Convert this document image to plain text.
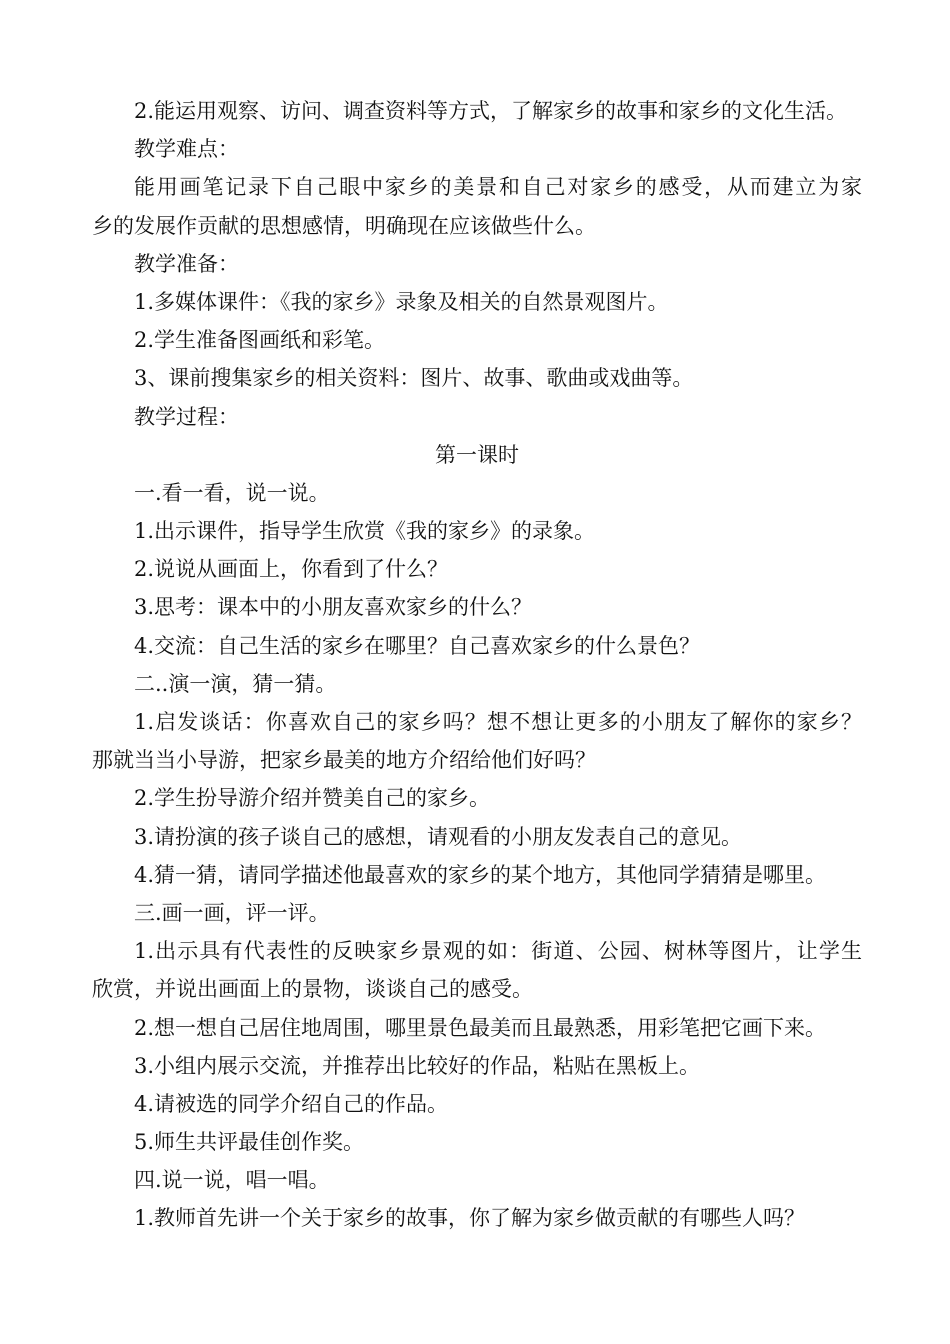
2.能运用观察、访问、调查资料等方式，了解家乡的故事和家乡的文化生活。
教学难点：
能用画笔记录下自己眼中家乡的美景和自己对家乡的感受，从而建立为家
乡的发展作贡献的思想感情，明确现在应该做些什么。
教学准备：
1.多媒体课件：《我的家乡》录象及相关的自然景观图片。
2.学生准备图画纸和彩笔。
3、课前搜集家乡的相关资料：图片、故事、歌曲或戏曲等。
教学过程：
第一课时
一.看一看，说一说。
1.出示课件，指导学生欣赏《我的家乡》的录象。
2.说说从画面上，你看到了什么？
3.思考：课本中的小朋友喜欢家乡的什么？
4.交流：自己生活的家乡在哪里？自己喜欢家乡的什么景色？
二..演一演，猜一猜。
1.启发谈话：你喜欢自己的家乡吗？想不想让更多的小朋友了解你的家乡？
那就当当小导游，把家乡最美的地方介绍给他们好吗？
2.学生扮导游介绍并赞美自己的家乡。
3.请扮演的孩子谈自己的感想，请观看的小朋友发表自己的意见。
4.猜一猜，请同学描述他最喜欢的家乡的某个地方，其他同学猜猜是哪里。
三.画一画，评一评。
1.出示具有代表性的反映家乡景观的如：街道、公园、树林等图片，让学生
欣赏，并说出画面上的景物，谈谈自己的感受。
2.想一想自己居住地周围，哪里景色最美而且最熟悉，用彩笔把它画下来。
3.小组内展示交流，并推荐出比较好的作品，粘贴在黑板上。
4.请被选的同学介绍自己的作品。
5.师生共评最佳创作奖。
四.说一说，唱一唱。
1.教师首先讲一个关于家乡的故事，你了解为家乡做贡献的有哪些人吗？
